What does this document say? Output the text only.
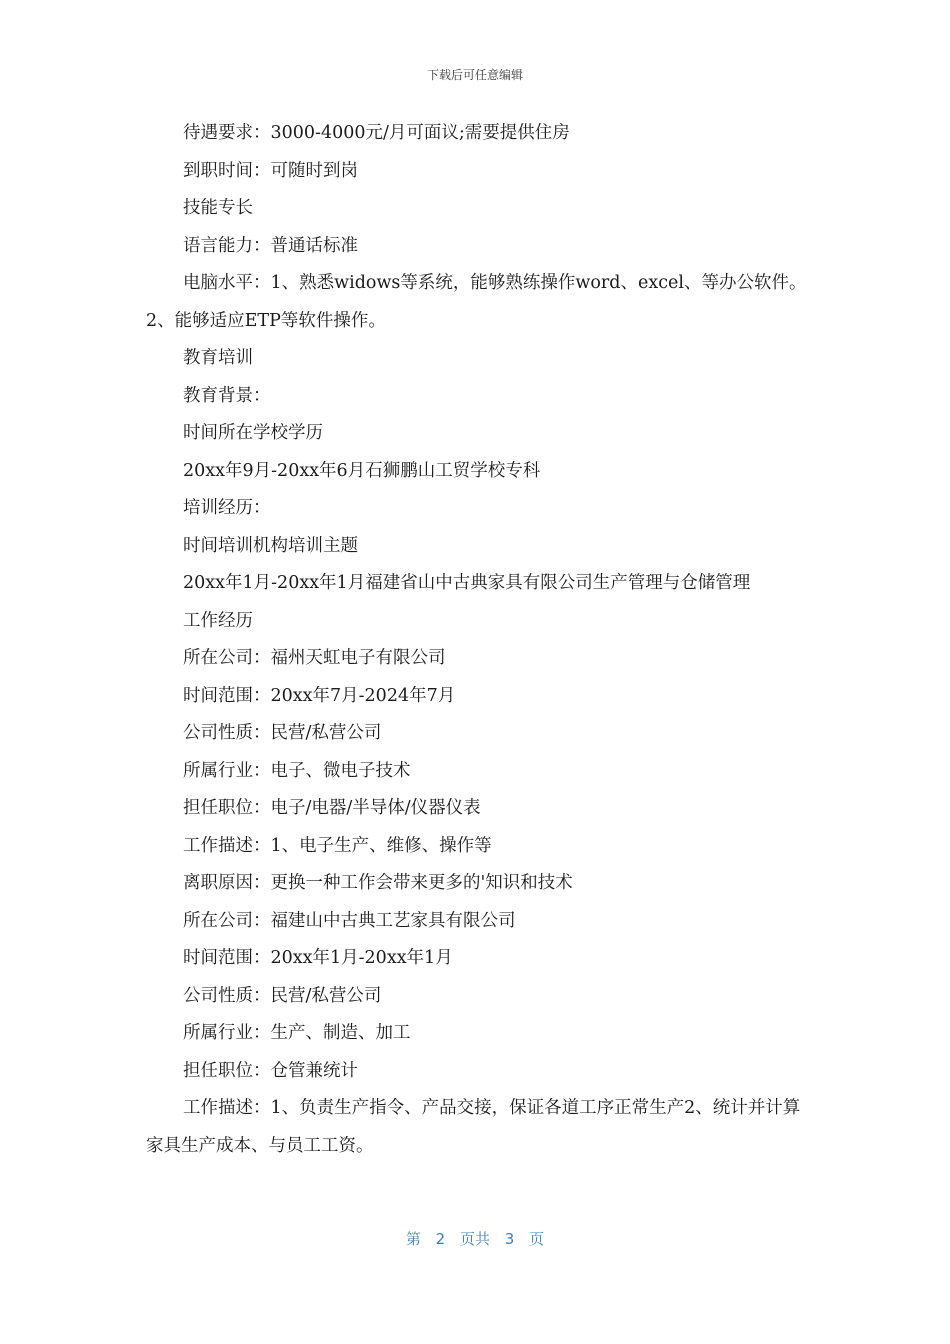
下载后可任意编辑

待遇要求：3000-4000元/月可面议;需要提供住房

到职时间：可随时到岗

技能专长

语言能力：普通话标准

电脑水平：1、熟悉widows等系统，能够熟练操作word、excel、等办公软件。2、能够适应ETP等软件操作。

教育培训

教育背景：

时间所在学校学历

20xx年9月-20xx年6月石狮鹏山工贸学校专科

培训经历：

时间培训机构培训主题

20xx年1月-20xx年1月福建省山中古典家具有限公司生产管理与仓储管理

工作经历

所在公司：福州天虹电子有限公司

时间范围：20xx年7月-2024年7月

公司性质：民营/私营公司

所属行业：电子、微电子技术

担任职位：电子/电器/半导体/仪器仪表

工作描述：1、电子生产、维修、操作等

离职原因：更换一种工作会带来更多的'知识和技术

所在公司：福建山中古典工艺家具有限公司

时间范围：20xx年1月-20xx年1月

公司性质：民营/私营公司

所属行业：生产、制造、加工

担任职位：仓管兼统计

工作描述：1、负责生产指令、产品交接，保证各道工序正常生产2、统计并计算家具生产成本、与员工工资。

第 2 页共 3 页
